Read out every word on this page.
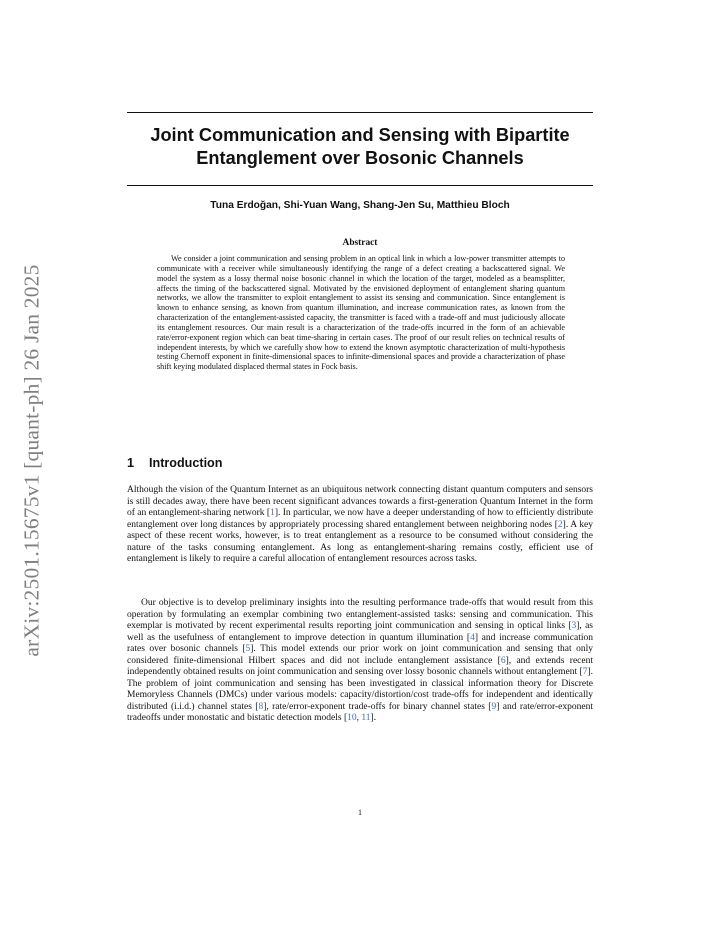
arXiv:2501.15675v1 [quant-ph] 26 Jan 2025
Joint Communication and Sensing with Bipartite
Entanglement over Bosonic Channels
Tuna Erdoğan, Shi-Yuan Wang, Shang-Jen Su, Matthieu Bloch
Abstract

We consider a joint communication and sensing problem in an optical link in which a low-power transmitter attempts to communicate with a receiver while simultaneously identifying the range of a defect creating a backscattered signal. We model the system as a lossy thermal noise bosonic channel in which the location of the target, modeled as a beamsplitter, affects the timing of the backscattered signal. Motivated by the envisioned deployment of entanglement sharing quantum networks, we allow the transmitter to exploit entanglement to assist its sensing and communication. Since entanglement is known to enhance sensing, as known from quantum illumination, and increase communication rates, as known from the characterization of the entanglement-assisted capacity, the transmitter is faced with a trade-off and must judiciously allocate its entanglement resources. Our main result is a characterization of the trade-offs incurred in the form of an achievable rate/error-exponent region which can beat time-sharing in certain cases. The proof of our result relies on technical results of independent interests, by which we carefully show how to extend the known asymptotic characterization of multi-hypothesis testing Chernoff exponent in finite-dimensional spaces to infinite-dimensional spaces and provide a characterization of phase shift keying modulated displaced thermal states in Fock basis.

1 Introduction

Although the vision of the Quantum Internet as an ubiquitous network connecting distant quantum computers and sensors is still decades away, there have been recent significant advances towards a first-generation Quantum Internet in the form of an entanglement-sharing network [1]. In particular, we now have a deeper understanding of how to efficiently distribute entanglement over long distances by appropriately processing shared entanglement between neighboring nodes [2]. A key aspect of these recent works, however, is to treat entanglement as a resource to be consumed without considering the nature of the tasks consuming entanglement. As long as entanglement-sharing remains costly, efficient use of entanglement is likely to require a careful allocation of entanglement resources across tasks.

Our objective is to develop preliminary insights into the resulting performance trade-offs that would result from this operation by formulating an exemplar combining two entanglement-assisted tasks: sensing and communication. This exemplar is motivated by recent experimental results reporting joint communication and sensing in optical links [3], as well as the usefulness of entanglement to improve detection in quantum illumination [4] and increase communication rates over bosonic channels [5]. This model extends our prior work on joint communication and sensing that only considered finite-dimensional Hilbert spaces and did not include entanglement assistance [6], and extends recent independently obtained results on joint communication and sensing over lossy bosonic channels without entanglement [7]. The problem of joint communication and sensing has been investigated in classical information theory for Discrete Memoryless Channels (DMCs) under various models: capacity/distortion/cost trade-offs for independent and identically distributed (i.i.d.) channel states [8], rate/error-exponent trade-offs for binary channel states [9] and rate/error-exponent tradeoffs under monostatic and bistatic detection models [10, 11].

1
